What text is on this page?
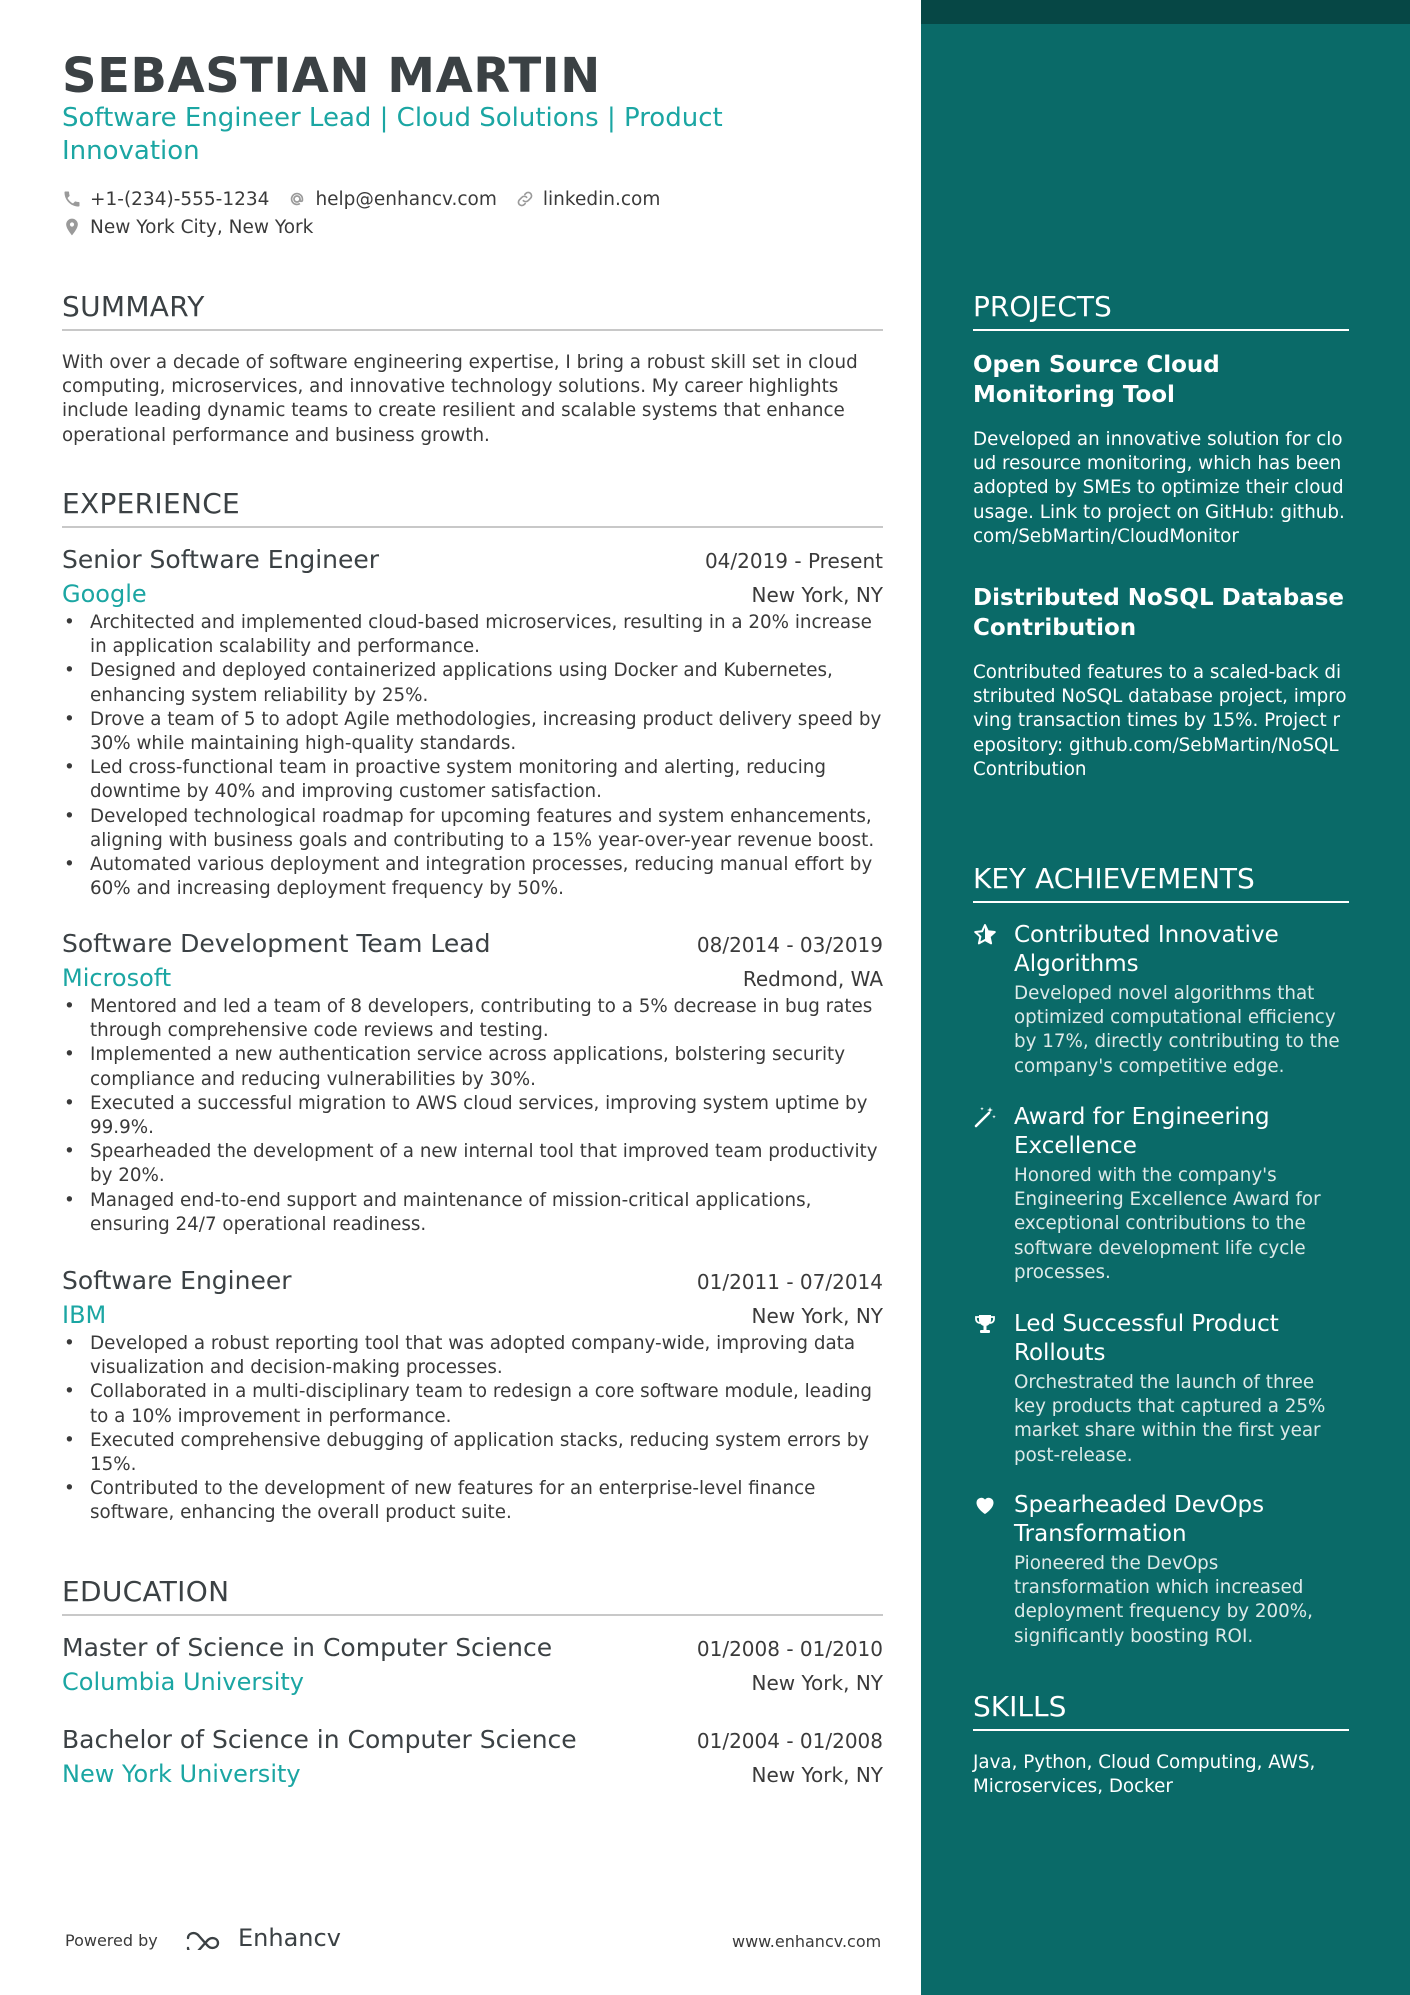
SEBASTIAN MARTIN
Software Engineer Lead | Cloud Solutions | Product Innovation
+1-(234)-555-1234 help@enhancv.com linkedin.com
New York City, New York
SUMMARY
With over a decade of software engineering expertise, I bring a robust skill set in cloud computing, microservices, and innovative technology solutions. My career highlights include leading dynamic teams to create resilient and scalable systems that enhance operational performance and business growth.
EXPERIENCE
Senior Software Engineer	04/2019 - Present
Google	New York, NY
• Architected and implemented cloud-based microservices, resulting in a 20% increase in application scalability and performance.
• Designed and deployed containerized applications using Docker and Kubernetes, enhancing system reliability by 25%.
• Drove a team of 5 to adopt Agile methodologies, increasing product delivery speed by 30% while maintaining high-quality standards.
• Led cross-functional team in proactive system monitoring and alerting, reducing downtime by 40% and improving customer satisfaction.
• Developed technological roadmap for upcoming features and system enhancements, aligning with business goals and contributing to a 15% year-over-year revenue boost.
• Automated various deployment and integration processes, reducing manual effort by 60% and increasing deployment frequency by 50%.
Software Development Team Lead	08/2014 - 03/2019
Microsoft	Redmond, WA
• Mentored and led a team of 8 developers, contributing to a 5% decrease in bug rates through comprehensive code reviews and testing.
• Implemented a new authentication service across applications, bolstering security compliance and reducing vulnerabilities by 30%.
• Executed a successful migration to AWS cloud services, improving system uptime by 99.9%.
• Spearheaded the development of a new internal tool that improved team productivity by 20%.
• Managed end-to-end support and maintenance of mission-critical applications, ensuring 24/7 operational readiness.
Software Engineer	01/2011 - 07/2014
IBM	New York, NY
• Developed a robust reporting tool that was adopted company-wide, improving data visualization and decision-making processes.
• Collaborated in a multi-disciplinary team to redesign a core software module, leading to a 10% improvement in performance.
• Executed comprehensive debugging of application stacks, reducing system errors by 15%.
• Contributed to the development of new features for an enterprise-level finance software, enhancing the overall product suite.
EDUCATION
Master of Science in Computer Science	01/2008 - 01/2010
Columbia University	New York, NY
Bachelor of Science in Computer Science	01/2004 - 01/2008
New York University	New York, NY
Powered by	Enhancv	www.enhancv.com
PROJECTS
Open Source Cloud Monitoring Tool
Developed an innovative solution for cloud resource monitoring, which has been adopted by SMEs to optimize their cloud usage. Link to project on GitHub: github.com/SebMartin/CloudMonitor
Distributed NoSQL Database Contribution
Contributed features to a scaled-back distributed NoSQL database project, improving transaction times by 15%. Project repository: github.com/SebMartin/NoSQLContribution
KEY ACHIEVEMENTS
Contributed Innovative Algorithms
Developed novel algorithms that optimized computational efficiency by 17%, directly contributing to the company's competitive edge.
Award for Engineering Excellence
Honored with the company's Engineering Excellence Award for exceptional contributions to the software development life cycle processes.
Led Successful Product Rollouts
Orchestrated the launch of three key products that captured a 25% market share within the first year post-release.
Spearheaded DevOps Transformation
Pioneered the DevOps transformation which increased deployment frequency by 200%, significantly boosting ROI.
SKILLS
Java, Python, Cloud Computing, AWS, Microservices, Docker
